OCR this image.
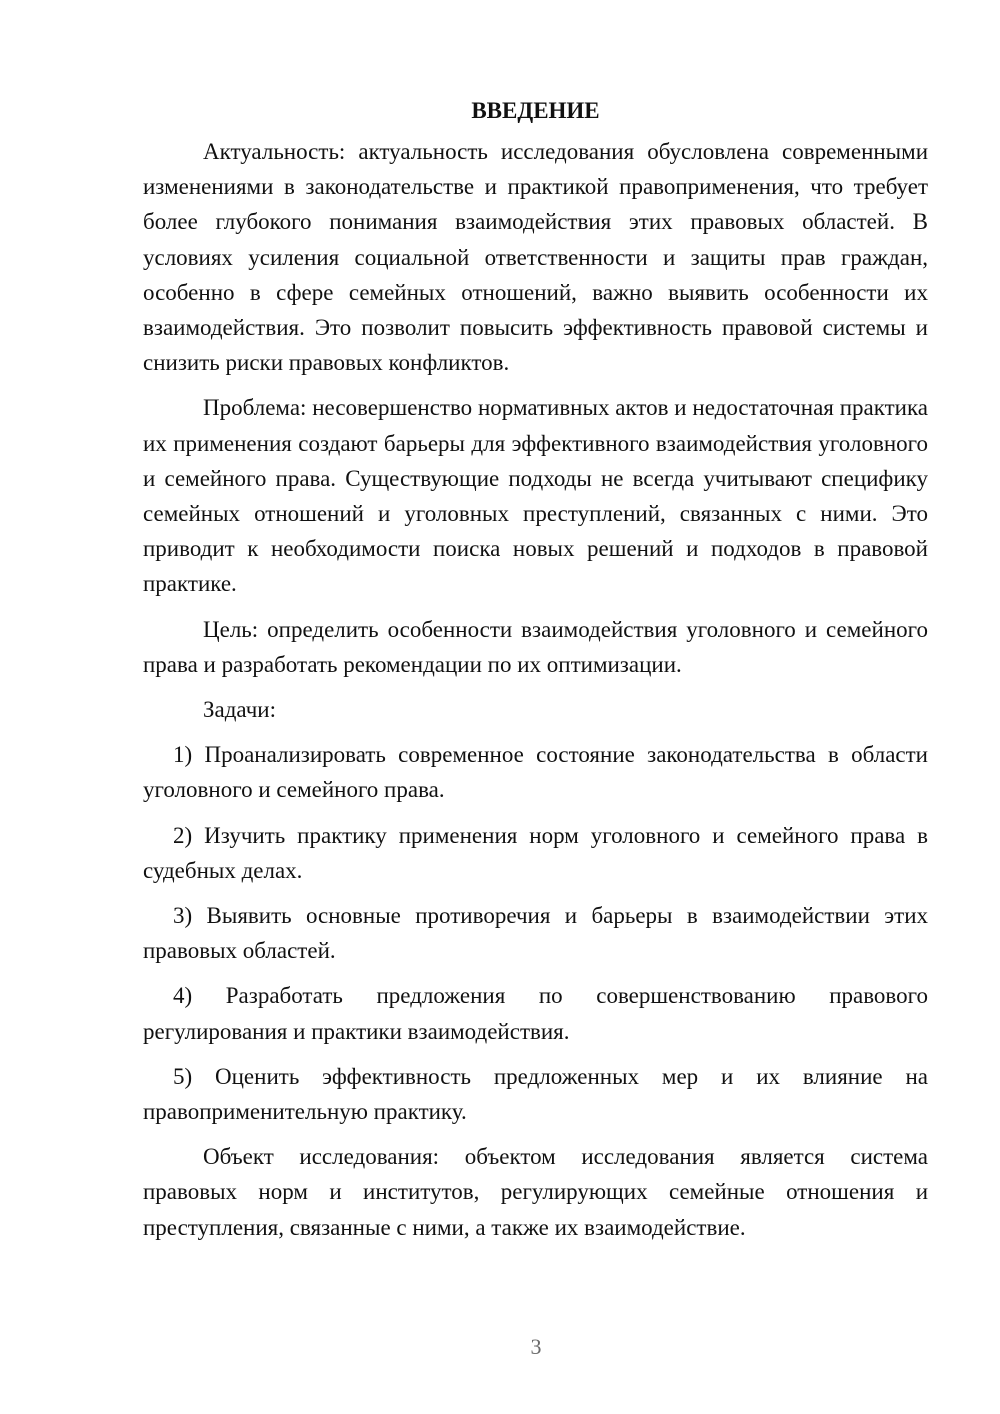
ВВЕДЕНИЕ

Актуальность: актуальность исследования обусловлена современными изменениями в законодательстве и практикой правоприменения, что требует более глубокого понимания взаимодействия этих правовых областей. В условиях усиления социальной ответственности и защиты прав граждан, особенно в сфере семейных отношений, важно выявить особенности их взаимодействия. Это позволит повысить эффективность правовой системы и снизить риски правовых конфликтов.

Проблема: несовершенство нормативных актов и недостаточная практика их применения создают барьеры для эффективного взаимодействия уголовного и семейного права. Существующие подходы не всегда учитывают специфику семейных отношений и уголовных преступлений, связанных с ними. Это приводит к необходимости поиска новых решений и подходов в правовой практике.

Цель: определить особенности взаимодействия уголовного и семейного права и разработать рекомендации по их оптимизации.

Задачи:

1) Проанализировать современное состояние законодательства в области уголовного и семейного права.

2) Изучить практику применения норм уголовного и семейного права в судебных делах.

3) Выявить основные противоречия и барьеры в взаимодействии этих правовых областей.

4) Разработать предложения по совершенствованию правового регулирования и практики взаимодействия.

5) Оценить эффективность предложенных мер и их влияние на правоприменительную практику.

Объект исследования: объектом исследования является система правовых норм и институтов, регулирующих семейные отношения и преступления, связанные с ними, а также их взаимодействие.

3
